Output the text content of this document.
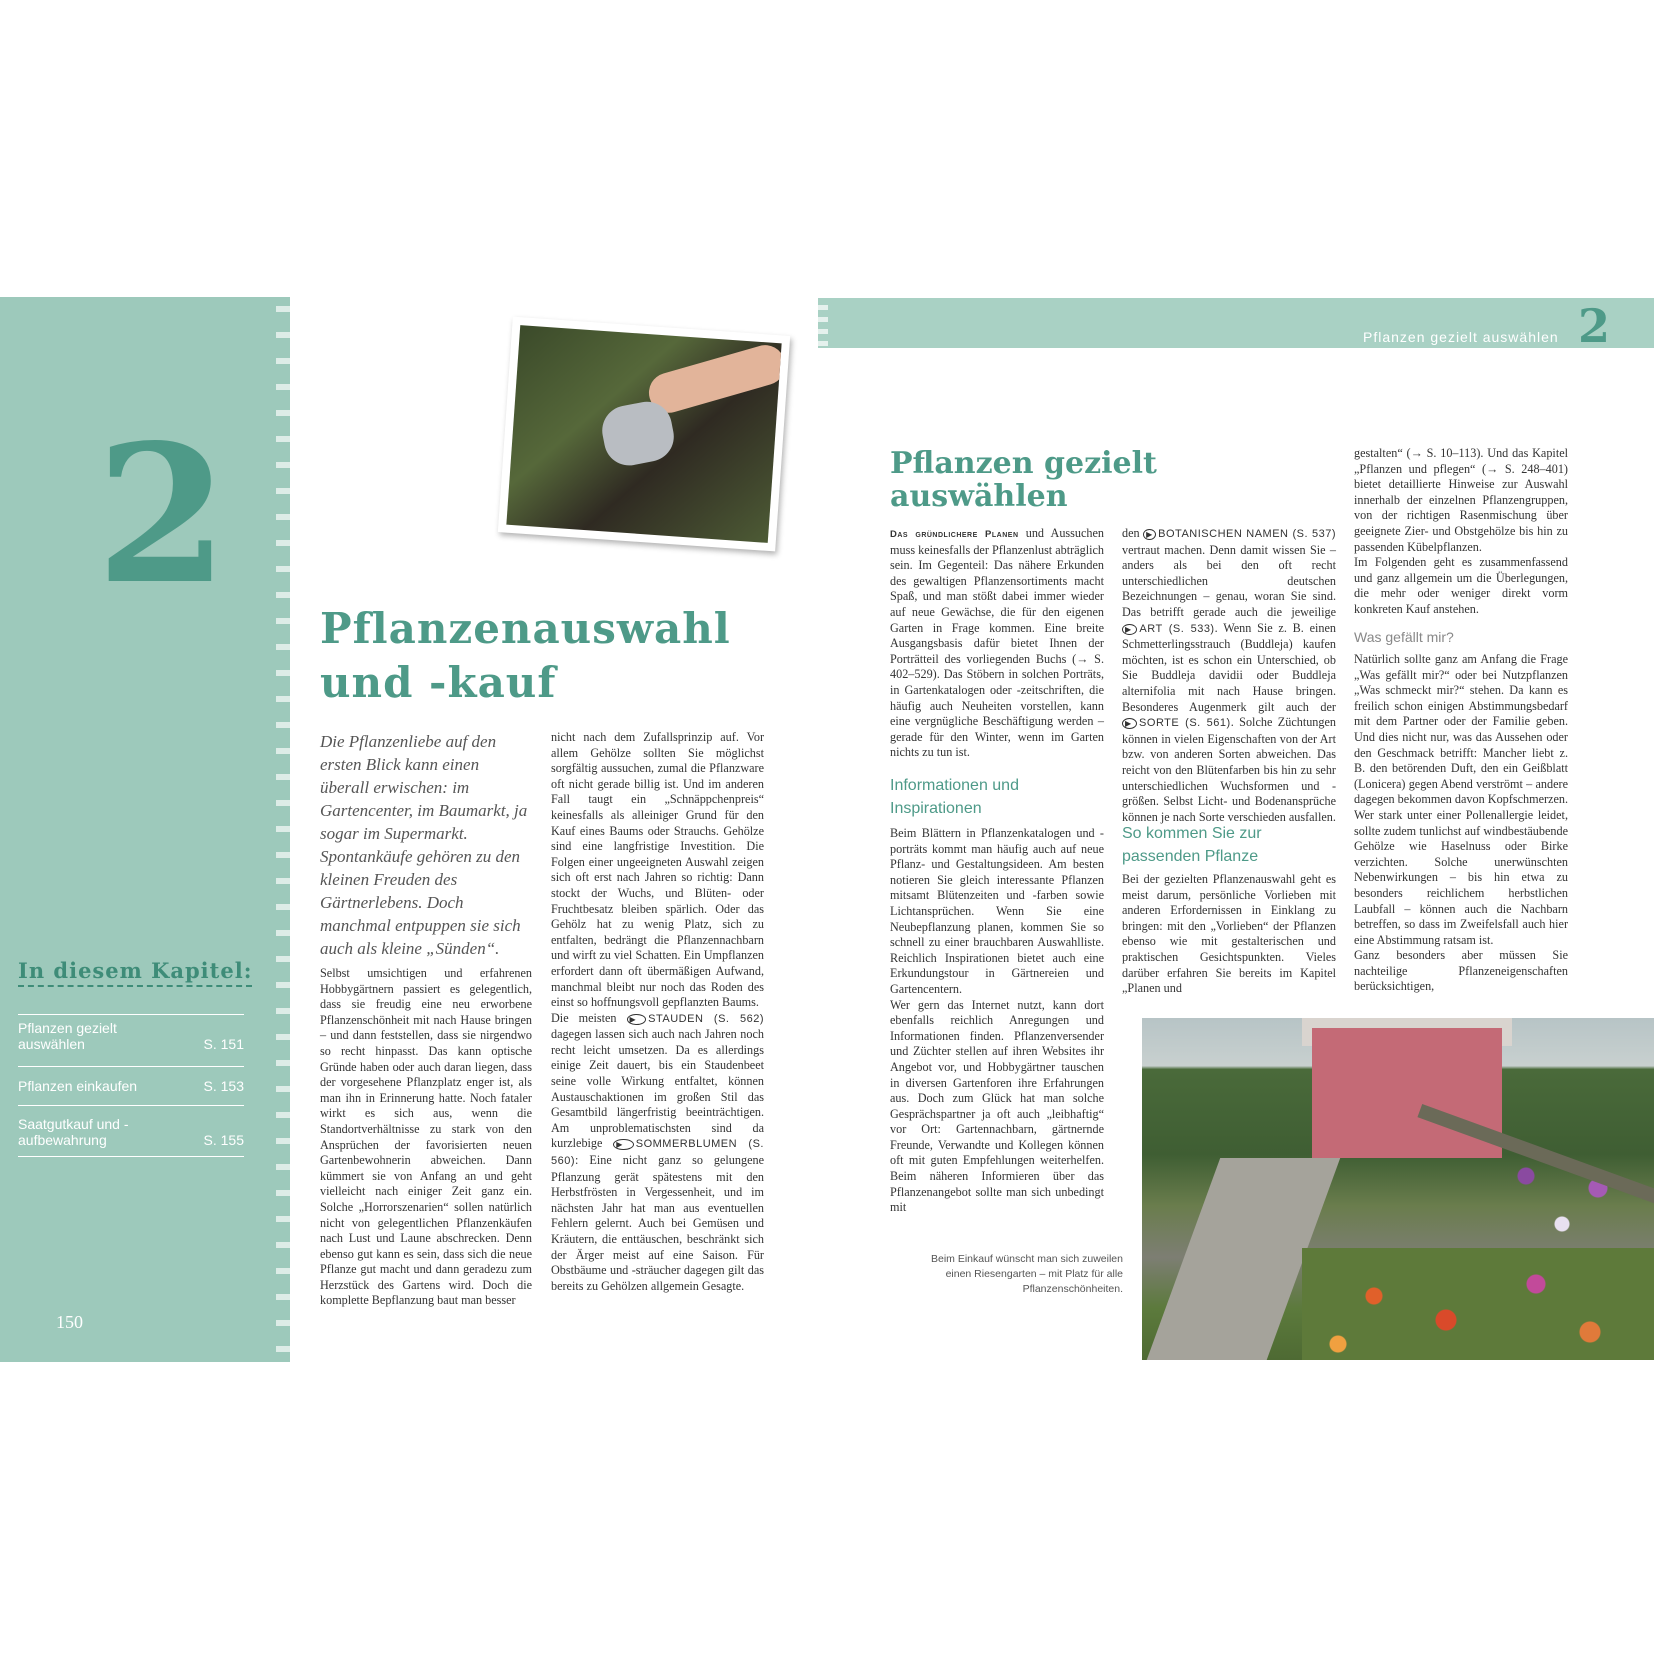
2
In diesem Kapitel:
Pflanzen gezielt auswählen	S. 151
Pflanzen einkaufen	S. 153
Saatgutkauf und -aufbewahrung	S. 155
150
Pflanzenauswahl
und -kauf
Die Pflanzenliebe auf den ersten Blick kann einen überall erwischen: im Gartencenter, im Baumarkt, ja sogar im Supermarkt. Spontankäufe gehören zu den kleinen Freuden des Gärtnerlebens. Doch manchmal entpuppen sie sich auch als kleine „Sünden“.
Selbst umsichtigen und erfahrenen Hobbygärtnern passiert es gelegentlich, dass sie freudig eine neu erworbene Pflanzenschönheit mit nach Hause bringen – und dann feststellen, dass sie nirgendwo so recht hinpasst. Das kann optische Gründe haben oder auch daran liegen, dass der vorgesehene Pflanzplatz enger ist, als man ihn in Erinnerung hatte. Noch fataler wirkt es sich aus, wenn die Standortverhältnisse zu stark von den Ansprüchen der favorisierten neuen Gartenbewohnerin abweichen. Dann kümmert sie von Anfang an und geht vielleicht nach einiger Zeit ganz ein. Solche „Horrorszenarien“ sollen natürlich nicht von gelegentlichen Pflanzenkäufen nach Lust und Laune abschrecken. Denn ebenso gut kann es sein, dass sich die neue Pflanze gut macht und dann geradezu zum Herzstück des Gartens wird. Doch die komplette Bepflanzung baut man besser

nicht nach dem Zufallsprinzip auf. Vor allem Gehölze sollten Sie möglichst sorgfältig aussuchen, zumal die Pflanzware oft nicht gerade billig ist. Und im anderen Fall taugt ein „Schnäppchenpreis“ keinesfalls als alleiniger Grund für den Kauf eines Baums oder Strauchs. Gehölze sind eine langfristige Investition. Die Folgen einer ungeeigneten Auswahl zeigen sich oft erst nach Jahren so richtig: Dann stockt der Wuchs, und Blüten- oder Fruchtbesatz bleiben spärlich. Oder das Gehölz hat zu wenig Platz, sich zu entfalten, bedrängt die Pflanzennachbarn und wirft zu viel Schatten. Ein Umpflanzen erfordert dann oft übermäßigen Aufwand, manchmal bleibt nur noch das Roden des einst so hoffnungsvoll gepflanzten Baums.

Die meisten	▶ STAUDEN (S. 562) dagegen lassen sich auch nach Jahren noch recht leicht umsetzen. Da es allerdings einige Zeit dauert, bis ein Staudenbeet seine volle Wirkung entfaltet, können Austauschaktionen im großen Stil das Gesamtbild längerfristig beeinträchtigen. Am unproblematischsten sind da kurzlebige	▶ SOMMERBLUMEN (S. 560): Eine nicht ganz so gelungene Pflanzung gerät spätestens mit den Herbstfrösten in Vergessenheit, und im nächsten Jahr hat man aus eventuellen Fehlern gelernt. Auch bei Gemüsen und Kräutern, die enttäuschen, beschränkt sich der Ärger meist auf eine Saison. Für Obstbäume und -sträucher dagegen gilt das bereits zu Gehölzen allgemein Gesagte.

Pflanzen gezielt auswählen 2
Pflanzen gezielt auswählen

Das gründlichere Planen und Aussuchen muss keinesfalls der Pflanzenlust abträglich sein. Im Gegenteil: Das nähere Erkunden des gewaltigen Pflanzensortiments macht Spaß, und man stößt dabei immer wieder auf neue Gewächse, die für den eigenen Garten in Frage kommen. Eine breite Ausgangsbasis dafür bietet Ihnen der Porträtteil des vorliegenden Buchs (→ S. 402–529). Das Stöbern in solchen Porträts, in Gartenkatalogen oder -zeitschriften, die häufig auch Neuheiten vorstellen, kann eine vergnügliche Beschäftigung werden – gerade für den Winter, wenn im Garten nichts zu tun ist.

Informationen und Inspirationen

Beim Blättern in Pflanzenkatalogen und -porträts kommt man häufig auch auf neue Pflanz- und Gestaltungsideen. Am besten notieren Sie gleich interessante Pflanzen mitsamt Blütenzeiten und -farben sowie Lichtansprüchen. Wenn Sie eine Neubepflanzung planen, kommen Sie so schnell zu einer brauchbaren Auswahlliste. Reichlich Inspirationen bietet auch eine Erkundungstour in Gärtnereien und Gartencentern.

Wer gern das Internet nutzt, kann dort ebenfalls reichlich Anregungen und Informationen finden. Pflanzenversender und Züchter stellen auf ihren Websites ihr Angebot vor, und Hobbygärtner tauschen in diversen Gartenforen ihre Erfahrungen aus. Doch zum Glück hat man solche Gesprächspartner ja oft auch „leibhaftig“ vor Ort: Gartennachbarn, gärtnernde Freunde, Verwandte und Kollegen können oft mit guten Empfehlungen weiterhelfen. Beim näheren Informieren über das Pflanzenangebot sollte man sich unbedingt mit

den ▶ BOTANISCHEN NAMEN (S. 537) vertraut machen. Denn damit wissen Sie – anders als bei den oft recht unterschiedlichen deutschen Bezeichnungen – genau, woran Sie sind. Das betrifft gerade auch die jeweilige ▶ ART (S. 533). Wenn Sie z. B. einen Schmetterlingsstrauch (Buddleja) kaufen möchten, ist es schon ein Unterschied, ob Sie Buddleja davidii oder Buddleja alternifolia mit nach Hause bringen. Besonderes Augenmerk gilt auch der ▶ SORTE (S. 561). Solche Züchtungen können in vielen Eigenschaften von der Art bzw. von anderen Sorten abweichen. Das reicht von den Blütenfarben bis hin zu sehr unterschiedlichen Wuchsformen und -größen. Selbst Licht- und Bodenansprüche können je nach Sorte verschieden ausfallen.

So kommen Sie zur passenden Pflanze
Bei der gezielten Pflanzenauswahl geht es meist darum, persönliche Vorlieben mit anderen Erfordernissen in Einklang zu bringen: mit den „Vorlieben“ der Pflanzen ebenso wie mit gestalterischen und praktischen Gesichtspunkten. Vieles darüber erfahren Sie bereits im Kapitel „Planen und

gestalten“ (→ S. 10–113). Und das Kapitel „Pflanzen und pflegen“ (→ S. 248–401) bietet detaillierte Hinweise zur Auswahl innerhalb der einzelnen Pflanzengruppen, von der richtigen Rasenmischung über geeignete Zier- und Obstgehölze bis hin zu passenden Kübelpflanzen.

Im Folgenden geht es zusammenfassend und ganz allgemein um die Überlegungen, die mehr oder weniger direkt vorm konkreten Kauf anstehen.

Was gefällt mir?

Natürlich sollte ganz am Anfang die Frage „Was gefällt mir?“ oder bei Nutzpflanzen „Was schmeckt mir?“ stehen. Da kann es freilich schon einigen Abstimmungsbedarf mit dem Partner oder der Familie geben. Und dies nicht nur, was das Aussehen oder den Geschmack betrifft: Mancher liebt z. B. den betörenden Duft, den ein Geißblatt (Lonicera) gegen Abend verströmt – andere dagegen bekommen davon Kopfschmerzen. Wer stark unter einer Pollenallergie leidet, sollte zudem tunlichst auf windbestäubende Gehölze wie Haselnuss oder Birke verzichten. Solche unerwünschten Nebenwirkungen – bis hin etwa zu besonders reichlichem herbstlichen Laubfall – können auch die Nachbarn betreffen, so dass im Zweifelsfall auch hier eine Abstimmung ratsam ist.

Ganz besonders aber müssen Sie nachteilige Pflanzeneigenschaften berücksichtigen,

Beim Einkauf wünscht man sich zuweilen einen Riesengarten – mit Platz für alle Pflanzenschönheiten.
